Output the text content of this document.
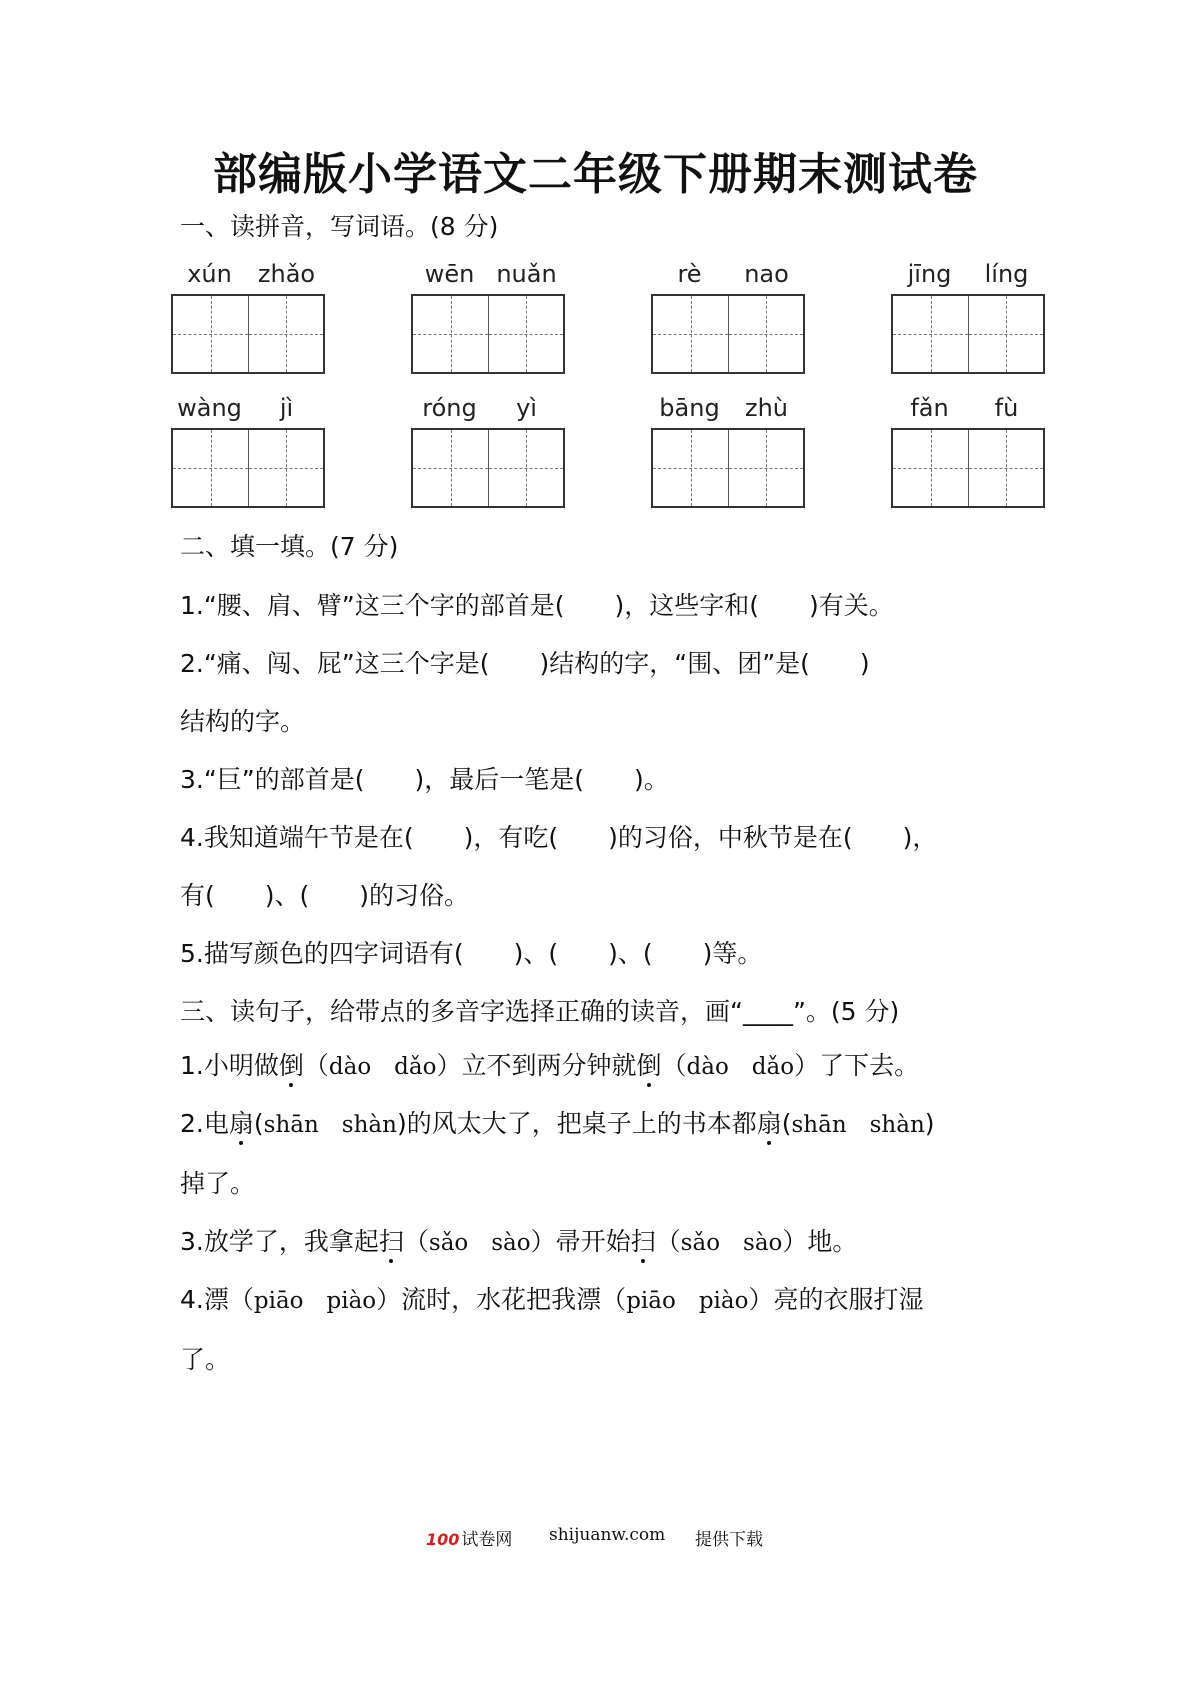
部编版小学语文二年级下册期末测试卷
一、读拼音，写词语。(8 分)
xún	zhǎo	wēn nuǎn	rè	nao	jīng	líng
wàng	jì	róng	yì	bāng	zhù	fǎn	fù
二、填一填。(7 分)
1.“腰、肩、臂”这三个字的部首是(　　)，这些字和(　　)有关。
2.“痛、闯、屁”这三个字是(　　)结构的字，“围、团”是(　　)
结构的字。
3.“巨”的部首是(　　)，最后一笔是(　　)。
4.我知道端午节是在(　　)，有吃(　　)的习俗，中秋节是在(　　)，
有(　　)、(　　)的习俗。
5.描写颜色的四字词语有(　　)、(　　)、(　　)等。
三、读句子，给带点的多音字选择正确的读音，画“____”。(5 分)
1.小明做倒（dào　dǎo）立不到两分钟就倒（dào　dǎo）了下去。
2.电扇(shān　shàn)的风太大了，把桌子上的书本都扇(shān　shàn)
掉了。
3.放学了，我拿起扫（sǎo　sào）帚开始扫（sǎo　sào）地。
4.漂（piāo　piào）流时，水花把我漂（piāo　piào）亮的衣服打湿
了。
100 试卷网 shijuanw.com 提供下载
